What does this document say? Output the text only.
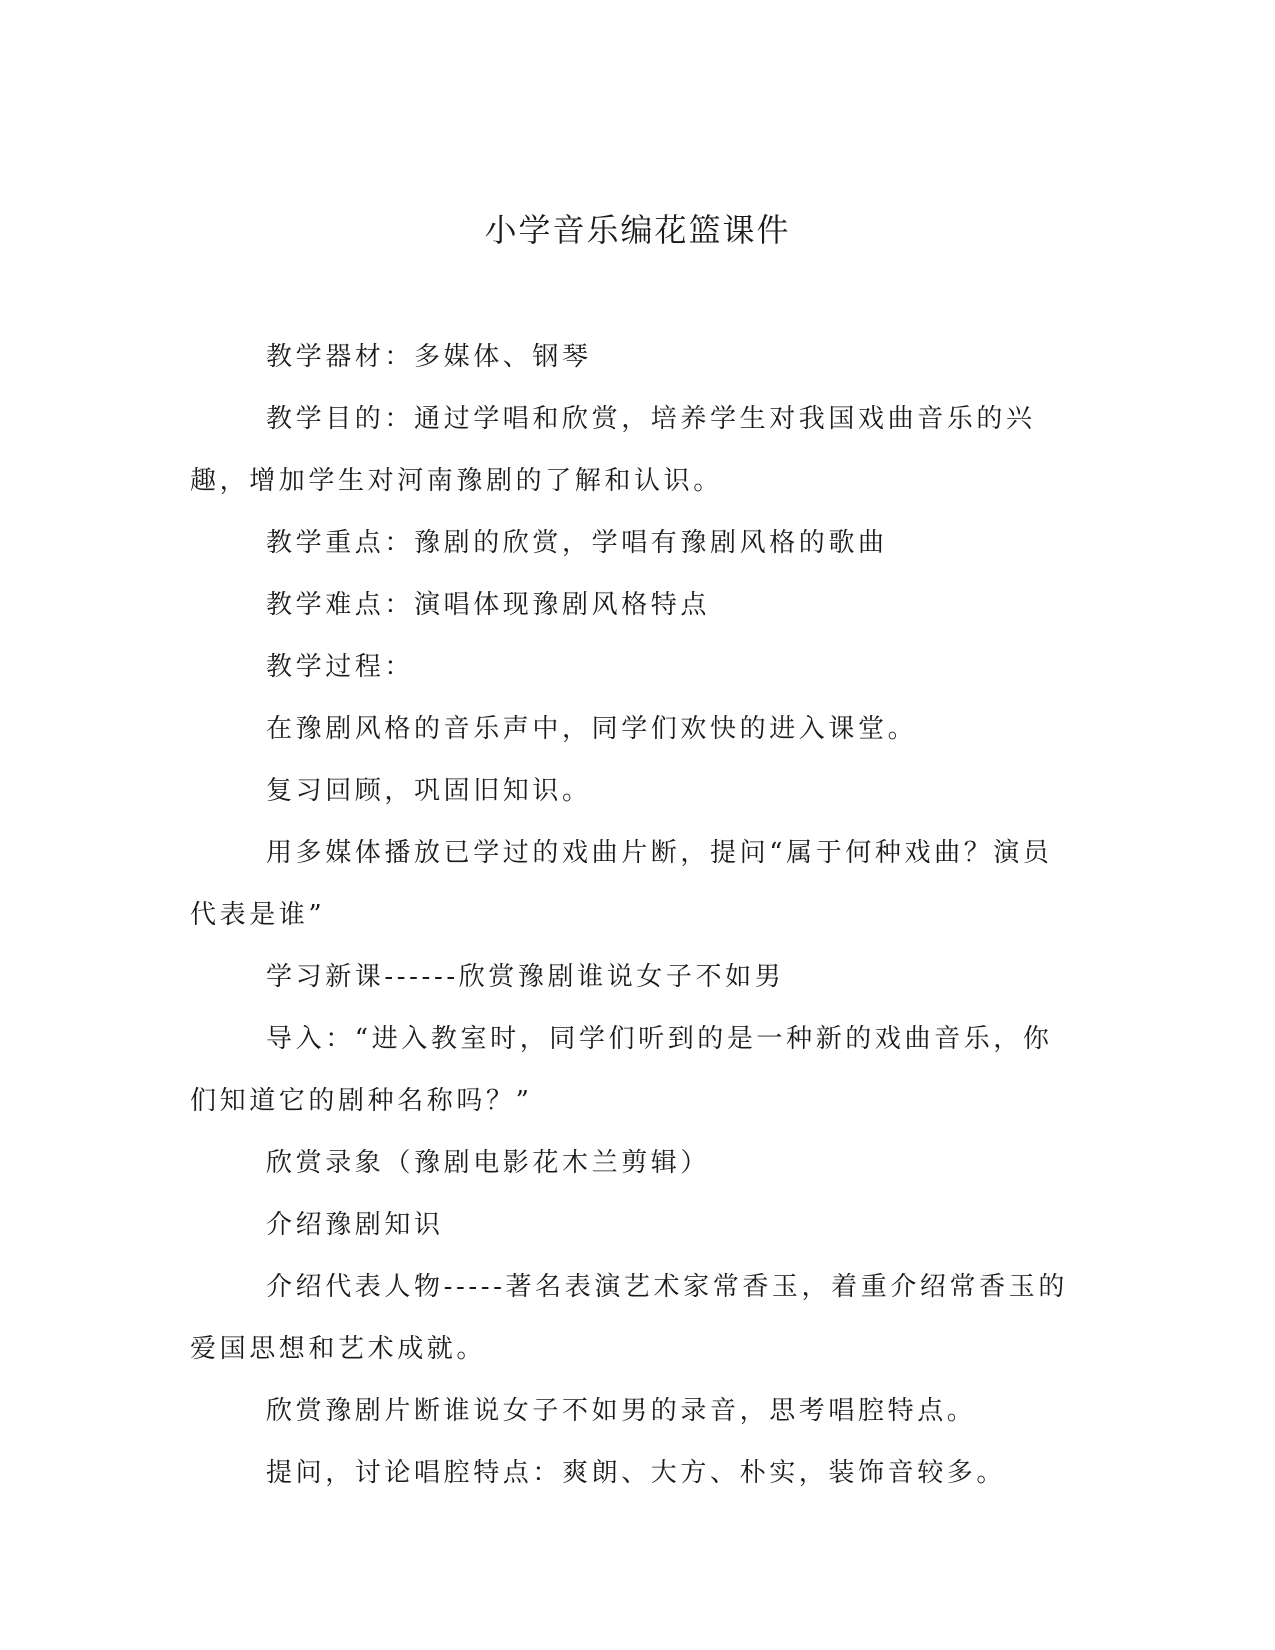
小学音乐编花篮课件

教学器材：多媒体、钢琴

教学目的：通过学唱和欣赏，培养学生对我国戏曲音乐的兴趣，增加学生对河南豫剧的了解和认识。

教学重点：豫剧的欣赏，学唱有豫剧风格的歌曲

教学难点：演唱体现豫剧风格特点

教学过程：

在豫剧风格的音乐声中，同学们欢快的进入课堂。

复习回顾，巩固旧知识。

用多媒体播放已学过的戏曲片断，提问“属于何种戏曲？演员代表是谁”

学习新课------欣赏豫剧谁说女子不如男

导入：“进入教室时，同学们听到的是一种新的戏曲音乐，你们知道它的剧种名称吗？”

欣赏录象（豫剧电影花木兰剪辑）

介绍豫剧知识

介绍代表人物-----著名表演艺术家常香玉，着重介绍常香玉的爱国思想和艺术成就。

欣赏豫剧片断谁说女子不如男的录音，思考唱腔特点。

提问，讨论唱腔特点：爽朗、大方、朴实，装饰音较多。
